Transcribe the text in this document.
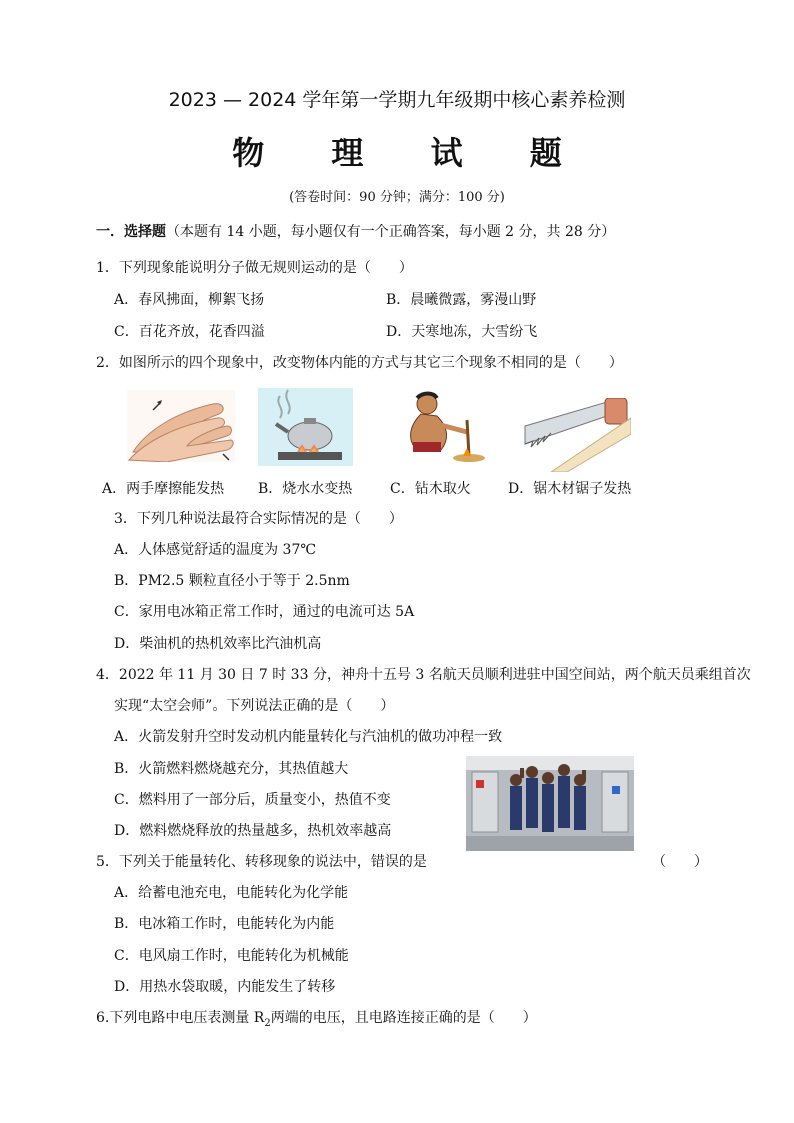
2023 — 2024 学年第一学期九年级期中核心素养检测
物 理 试 题
(答卷时间：90 分钟；满分：100 分)
一．选择题（本题有 14 小题，每小题仅有一个正确答案，每小题 2 分，共 28 分）
1．下列现象能说明分子做无规则运动的是（　　）
A．春风拂面，柳絮飞扬	B．晨曦微露，雾漫山野
C．百花齐放，花香四溢	D．天寒地冻，大雪纷飞
2．如图所示的四个现象中，改变物体内能的方式与其它三个现象不相同的是（　　）
A．两手摩擦能发热 B．烧水水变热	C．钻木取火	D．锯木材锯子发热
3．下列几种说法最符合实际情况的是（　　）
A．人体感觉舒适的温度为 37℃
B．PM2.5 颗粒直径小于等于 2.5nm
C．家用电冰箱正常工作时，通过的电流可达 5A
D．柴油机的热机效率比汽油机高
4．2022 年 11 月 30 日 7 时 33 分，神舟十五号 3 名航天员顺利进驻中国空间站，两个航天员乘组首次
实现“太空会师”。下列说法正确的是（　　）
A．火箭发射升空时发动机内能量转化与汽油机的做功冲程一致
B．火箭燃料燃烧越充分，其热值越大
C．燃料用了一部分后，质量变小，热值不变
D．燃料燃烧释放的热量越多，热机效率越高
5．下列关于能量转化、转移现象的说法中，错误的是	（　　）
A．给蓄电池充电，电能转化为化学能
B．电冰箱工作时，电能转化为内能
C．电风扇工作时，电能转化为机械能
D．用热水袋取暖，内能发生了转移
6.下列电路中电压表测量 $R_2$两端的电压，且电路连接正确的是（　　）
